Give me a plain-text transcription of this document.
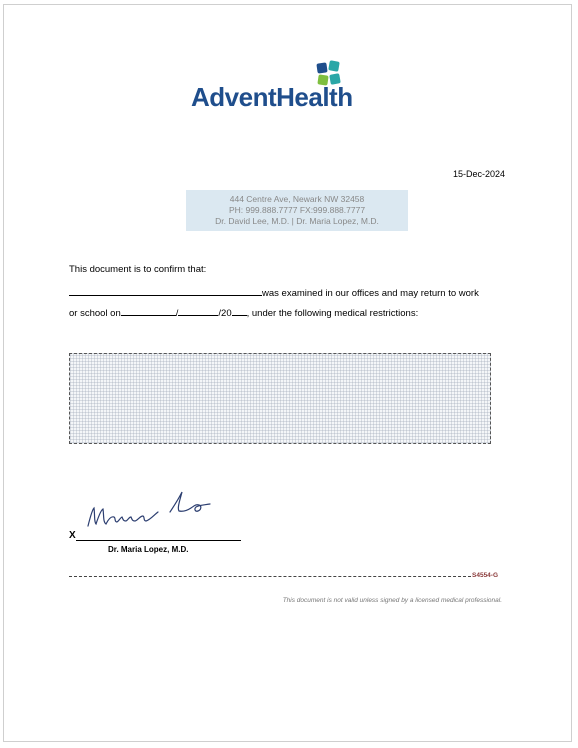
AdventHealth
15-Dec-2024
444 Centre Ave, Newark NW 32458
PH: 999.888.7777 FX:999.888.7777
Dr. David Lee, M.D. | Dr. Maria Lopez, M.D.
This document is to confirm that:
was examined in our offices and may return to work
or school on	/	/20 , under the following medical restrictions:
X
Dr. Maria Lopez, M.D.
S4554-G
This document is not valid unless signed by a licensed medical professional.
